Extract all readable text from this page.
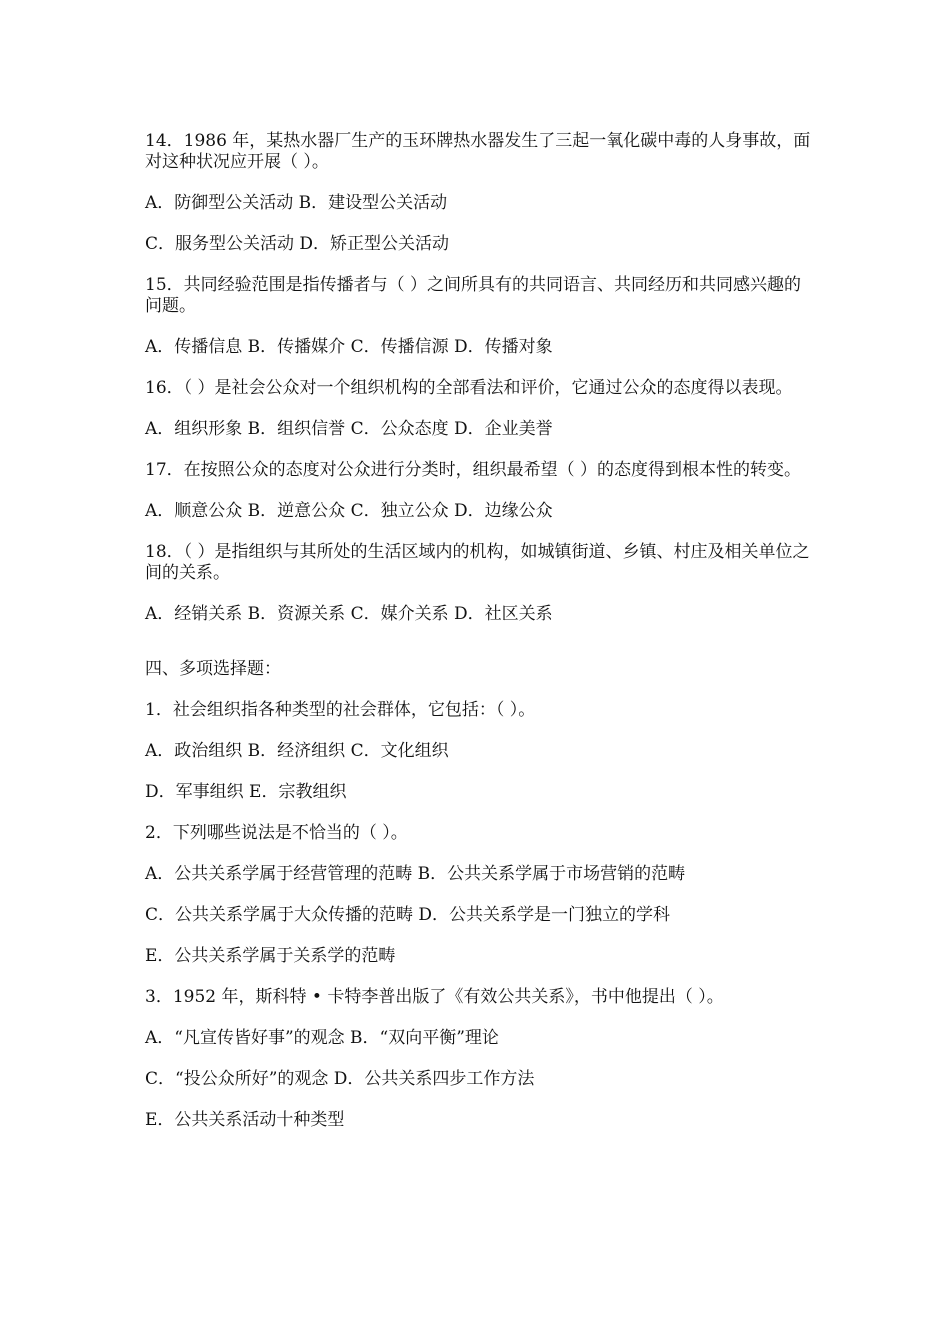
14．1986 年，某热水器厂生产的玉环牌热水器发生了三起一氧化碳中毒的人身事故，面对这种状况应开展（ ）。

A．防御型公关活动 B．建设型公关活动

C．服务型公关活动 D．矫正型公关活动

15．共同经验范围是指传播者与（ ）之间所具有的共同语言、共同经历和共同感兴趣的问题。

A．传播信息 B．传播媒介 C．传播信源 D．传播对象

16．（ ）是社会公众对一个组织机构的全部看法和评价，它通过公众的态度得以表现。

A．组织形象 B．组织信誉 C．公众态度 D．企业美誉

17．在按照公众的态度对公众进行分类时，组织最希望（ ）的态度得到根本性的转变。

A．顺意公众 B．逆意公众 C．独立公众 D．边缘公众

18．（ ）是指组织与其所处的生活区域内的机构，如城镇街道、乡镇、村庄及相关单位之间的关系。

A．经销关系 B．资源关系 C．媒介关系 D．社区关系

四、多项选择题：

1．社会组织指各种类型的社会群体，它包括：（ ）。

A．政治组织 B．经济组织 C．文化组织

D．军事组织 E．宗教组织

2．下列哪些说法是不恰当的（ ）。

A．公共关系学属于经营管理的范畴 B．公共关系学属于市场营销的范畴

C．公共关系学属于大众传播的范畴 D．公共关系学是一门独立的学科

E．公共关系学属于关系学的范畴

3．1952 年，斯科特 • 卡特李普出版了《有效公共关系》，书中他提出（ ）。

A．“凡宣传皆好事”的观念 B．“双向平衡”理论

C．“投公众所好”的观念 D．公共关系四步工作方法

E．公共关系活动十种类型
